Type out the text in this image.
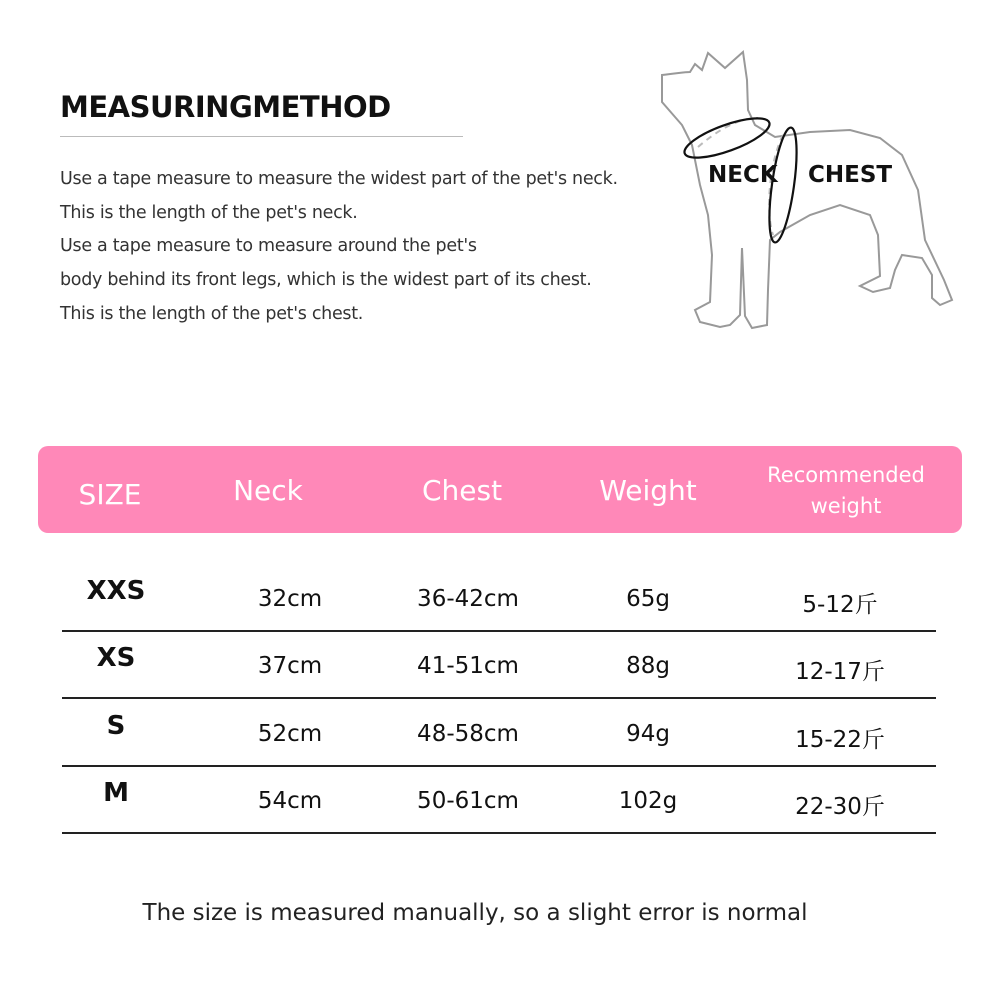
MEASURINGMETHOD
Use a tape measure to measure the widest part of the pet's neck.
This is the length of the pet's neck.
Use a tape measure to measure around the pet's
body behind its front legs, which is the widest part of its chest.
This is the length of the pet's chest.
NECK CHEST
SIZE	Neck	Chest	Weight	Recommended
weight
XXS	32cm	36-42cm	65g	5-12斤
XS	37cm	41-51cm	88g	12-17斤
S	52cm	48-58cm	94g	15-22斤
M	54cm	50-61cm	102g	22-30斤
The size is measured manually, so a slight error is normal
